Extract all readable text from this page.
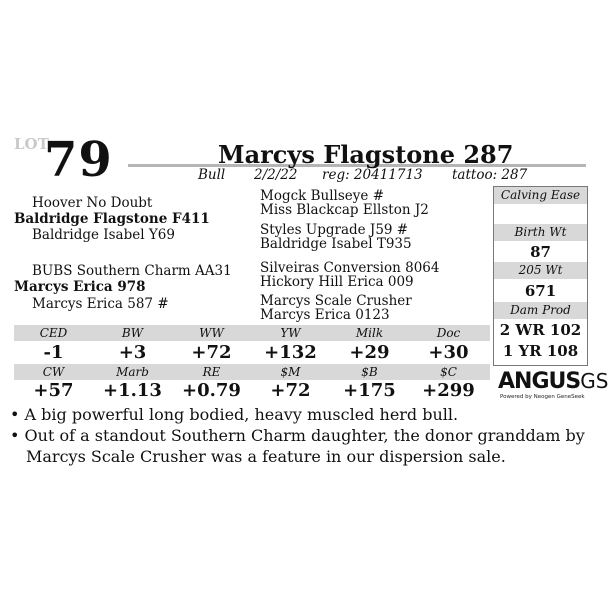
LOT
79	Marcys Flagstone 287
Bull 2/2/22 reg: 20411713 tattoo: 287
Hoover No Doubt
Baldridge Flagstone F411
Baldridge Isabel Y69
BUBS Southern Charm AA31
Marcys Erica 978
Marcys Erica 587 #
Mogck Bullseye #
Miss Blackcap Ellston J2
Styles Upgrade J59 #
Baldridge Isabel T935
Silveiras Conversion 8064
Hickory Hill Erica 009
Marcys Scale Crusher
Marcys Erica 0123
Calving Ease
Birth Wt
87
205 Wt
671
Dam Prod
2 WR 102
1 YR 108
CED	BW	WW	YW	Milk	Doc
-1	+3	+72	+132	+29	+30
CW	Marb	RE	$M	$B	$C
+57	+1.13	+0.79	+72	+175	+299	ANGUSGS
Powered by Neogen GeneSeek
• A big powerful long bodied, heavy muscled herd bull.
• Out of a standout Southern Charm daughter, the donor granddam by Marcys Scale Crusher was a feature in our dispersion sale.
